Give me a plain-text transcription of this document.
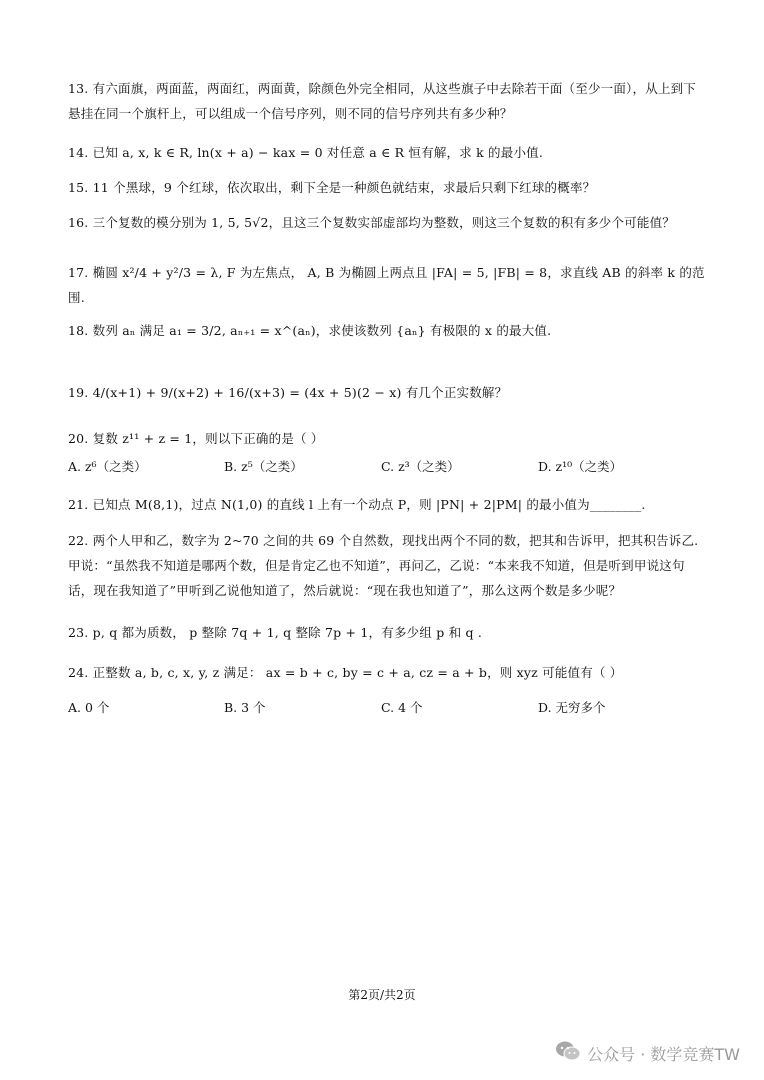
13. 有六面旗，两面蓝，两面红，两面黄，除颜色外完全相同，从这些旗子中去除若干面（至少一面），从上到下悬挂在同一个旗杆上，可以组成一个信号序列，则不同的信号序列共有多少种？
14. 已知 a, x, k ∈ R, ln(x + a) − kax = 0 对任意 a ∈ R 恒有解，求 k 的最小值.
15. 11 个黑球，9 个红球，依次取出，剩下全是一种颜色就结束，求最后只剩下红球的概率？
16. 三个复数的模分别为 1, 5, 5√2，且这三个复数实部虚部均为整数，则这三个复数的积有多少个可能值？
17. 椭圆 x²/4 + y²/3 = λ, F 为左焦点， A, B 为椭圆上两点且 |FA| = 5, |FB| = 8，求直线 AB 的斜率 k 的范围.
18. 数列 aₙ 满足 a₁ = 3/2, aₙ₊₁ = x^(aₙ)，求使该数列 {aₙ} 有极限的 x 的最大值.
19. 4/(x+1) + 9/(x+2) + 16/(x+3) = (4x + 5)(2 − x) 有几个正实数解？
20. 复数 z¹¹ + z = 1，则以下正确的是（ ）
A. z⁶（之类）	B. z⁵（之类）	C. z³（之类）	D. z¹⁰（之类）
21. 已知点 M(8,1)，过点 N(1,0) 的直线 l 上有一个动点 P，则 |PN| + 2|PM| 的最小值为________.
22. 两个人甲和乙，数字为 2~70 之间的共 69 个自然数，现找出两个不同的数，把其和告诉甲，把其积告诉乙.甲说：“虽然我不知道是哪两个数，但是肯定乙也不知道”，再问乙，乙说：“本来我不知道，但是听到甲说这句话，现在我知道了”甲听到乙说他知道了，然后就说：“现在我也知道了”，那么这两个数是多少呢？
23. p, q 都为质数， p 整除 7q + 1, q 整除 7p + 1，有多少组 p 和 q .
24. 正整数 a, b, c, x, y, z 满足： ax = b + c, by = c + a, cz = a + b，则 xyz 可能值有（ ）
A. 0 个	B. 3 个	C. 4 个	D. 无穷多个
第2页/共2页
公众号 · 数学竞赛TW
